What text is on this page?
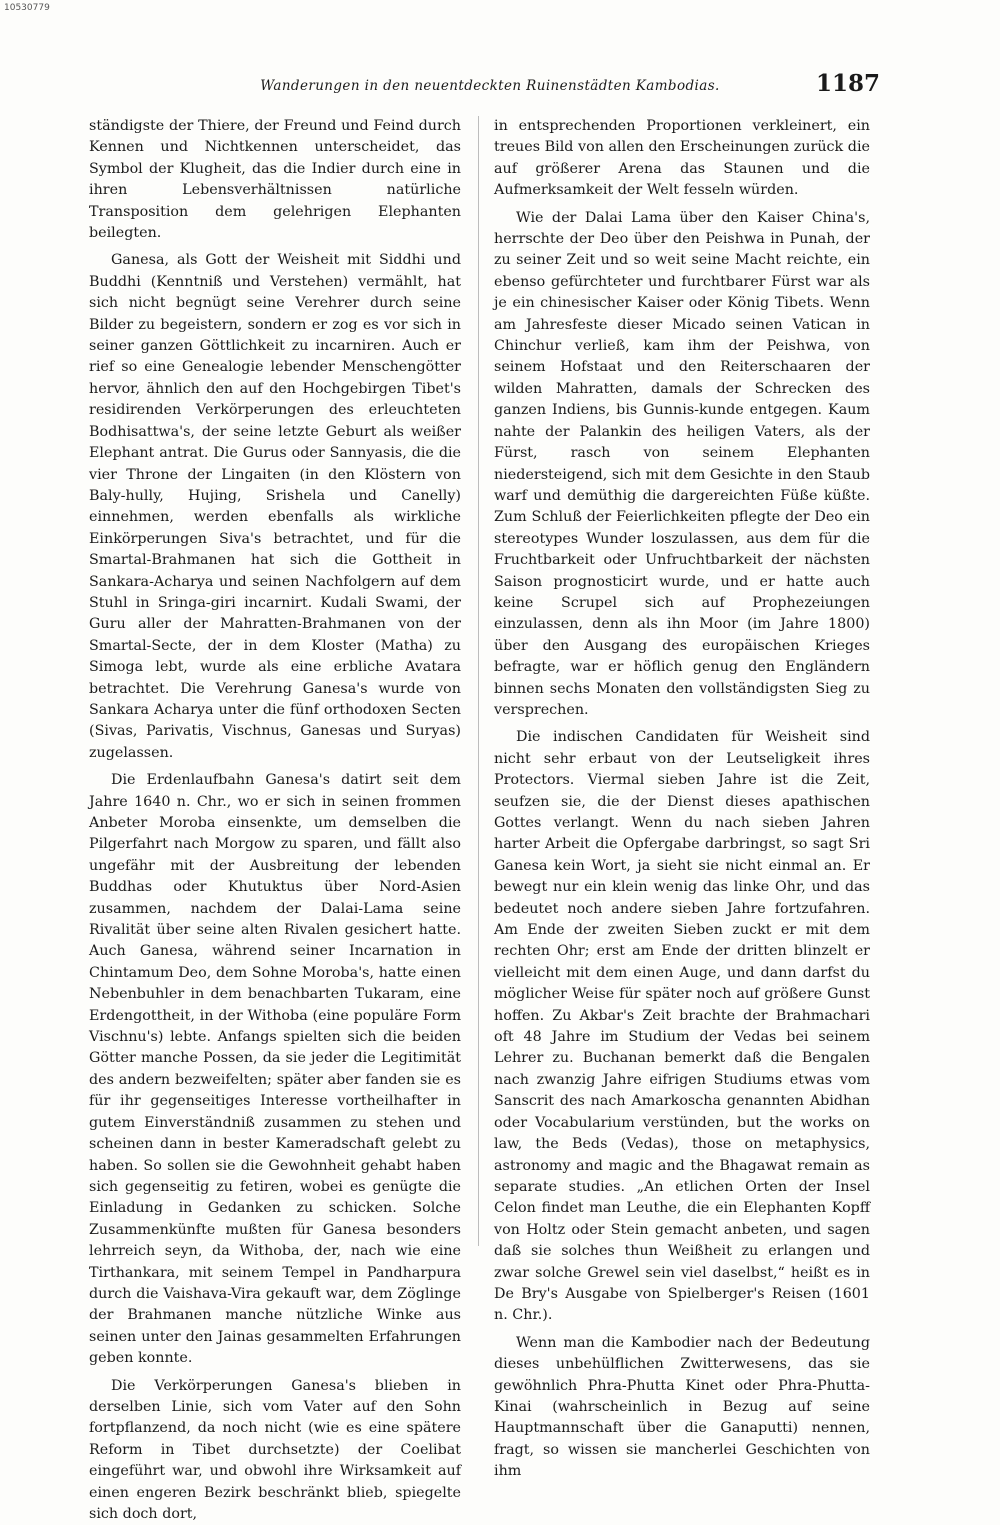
10530779
Wanderungen in den neuentdeckten Ruinenstädten Kambodias.	1187

ständigste der Thiere, der Freund und Feind durch Kennen und Nichtkennen unterscheidet, das Symbol der Klugheit, das die Indier durch eine in ihren Lebensverhältnissen natürliche Transposition dem gelehrigen Elephanten beilegten.

Ganesa, als Gott der Weisheit mit Siddhi und Buddhi (Kenntniß und Verstehen) vermählt, hat sich nicht begnügt seine Verehrer durch seine Bilder zu begeistern, sondern er zog es vor sich in seiner ganzen Göttlichkeit zu incarniren. Auch er rief so eine Genealogie lebender Menschengötter hervor, ähnlich den auf den Hochgebirgen Tibet's residirenden Verkörperungen des erleuchteten Bodhisattwa's, der seine letzte Geburt als weißer Elephant antrat. Die Gurus oder Sannyasis, die die vier Throne der Lingaiten (in den Klöstern von Baly-hully, Hujing, Srishela und Canelly) einnehmen, werden ebenfalls als wirkliche Einkörperungen Siva's betrachtet, und für die Smartal-Brahmanen hat sich die Gottheit in Sankara-Acharya und seinen Nachfolgern auf dem Stuhl in Sringa-giri incarnirt. Kudali Swami, der Guru aller der Mahratten-Brahmanen von der Smartal-Secte, der in dem Kloster (Matha) zu Simoga lebt, wurde als eine erbliche Avatara betrachtet. Die Verehrung Ganesa's wurde von Sankara Acharya unter die fünf orthodoxen Secten (Sivas, Parivatis, Vischnus, Ganesas und Suryas) zugelassen.

Die Erdenlaufbahn Ganesa's datirt seit dem Jahre 1640 n. Chr., wo er sich in seinen frommen Anbeter Moroba einsenkte, um demselben die Pilgerfahrt nach Morgow zu sparen, und fällt also ungefähr mit der Ausbreitung der lebenden Buddhas oder Khutuktus über Nord-Asien zusammen, nachdem der Dalai-Lama seine Rivalität über seine alten Rivalen gesichert hatte. Auch Ganesa, während seiner Incarnation in Chintamum Deo, dem Sohne Moroba's, hatte einen Nebenbuhler in dem benachbarten Tukaram, eine Erdengottheit, in der Withoba (eine populäre Form Vischnu's) lebte. Anfangs spielten sich die beiden Götter manche Possen, da sie jeder die Legitimität des andern bezweifelten; später aber fanden sie es für ihr gegenseitiges Interesse vortheilhafter in gutem Einverständniß zusammen zu stehen und scheinen dann in bester Kameradschaft gelebt zu haben. So sollen sie die Gewohnheit gehabt haben sich gegenseitig zu fetiren, wobei es genügte die Einladung in Gedanken zu schicken. Solche Zusammenkünfte mußten für Ganesa besonders lehrreich seyn, da Withoba, der, nach wie eine Tirthankara, mit seinem Tempel in Pandharpura durch die Vaishava-Vira gekauft war, dem Zöglinge der Brahmanen manche nützliche Winke aus seinen unter den Jainas gesammelten Erfahrungen geben konnte.

Die Verkörperungen Ganesa's blieben in derselben Linie, sich vom Vater auf den Sohn fortpflanzend, da noch nicht (wie es eine spätere Reform in Tibet durchsetzte) der Coelibat eingeführt war, und obwohl ihre Wirksamkeit auf einen engeren Bezirk beschränkt blieb, spiegelte sich doch dort,

in entsprechenden Proportionen verkleinert, ein treues Bild von allen den Erscheinungen zurück die auf größerer Arena das Staunen und die Aufmerksamkeit der Welt fesseln würden.

Wie der Dalai Lama über den Kaiser China's, herrschte der Deo über den Peishwa in Punah, der zu seiner Zeit und so weit seine Macht reichte, ein ebenso gefürchteter und furchtbarer Fürst war als je ein chinesischer Kaiser oder König Tibets. Wenn am Jahresfeste dieser Micado seinen Vatican in Chinchur verließ, kam ihm der Peishwa, von seinem Hofstaat und den Reiterschaaren der wilden Mahratten, damals der Schrecken des ganzen Indiens, bis Gunnis-kunde entgegen. Kaum nahte der Palankin des heiligen Vaters, als der Fürst, rasch von seinem Elephanten niedersteigend, sich mit dem Gesichte in den Staub warf und demüthig die dargereichten Füße küßte. Zum Schluß der Feierlichkeiten pflegte der Deo ein stereotypes Wunder loszulassen, aus dem für die Fruchtbarkeit oder Unfruchtbarkeit der nächsten Saison prognosticirt wurde, und er hatte auch keine Scrupel sich auf Prophezeiungen einzulassen, denn als ihn Moor (im Jahre 1800) über den Ausgang des europäischen Krieges befragte, war er höflich genug den Engländern binnen sechs Monaten den vollständigsten Sieg zu versprechen.

Die indischen Candidaten für Weisheit sind nicht sehr erbaut von der Leutseligkeit ihres Protectors. Viermal sieben Jahre ist die Zeit, seufzen sie, die der Dienst dieses apathischen Gottes verlangt. Wenn du nach sieben Jahren harter Arbeit die Opfergabe darbringst, so sagt Sri Ganesa kein Wort, ja sieht sie nicht einmal an. Er bewegt nur ein klein wenig das linke Ohr, und das bedeutet noch andere sieben Jahre fortzufahren. Am Ende der zweiten Sieben zuckt er mit dem rechten Ohr; erst am Ende der dritten blinzelt er vielleicht mit dem einen Auge, und dann darfst du möglicher Weise für später noch auf größere Gunst hoffen. Zu Akbar's Zeit brachte der Brahmachari oft 48 Jahre im Studium der Vedas bei seinem Lehrer zu. Buchanan bemerkt daß die Bengalen nach zwanzig Jahre eifrigen Studiums etwas vom Sanscrit des nach Amarkoscha genannten Abidhan oder Vocabularium verstünden, but the works on law, the Beds (Vedas), those on metaphysics, astronomy and magic and the Bhagawat remain as separate studies. „An etlichen Orten der Insel Celon findet man Leuthe, die ein Elephanten Kopff von Holtz oder Stein gemacht anbeten, und sagen daß sie solches thun Weißheit zu erlangen und zwar solche Grewel sein viel daselbst,“ heißt es in De Bry's Ausgabe von Spielberger's Reisen (1601 n. Chr.).

Wenn man die Kambodier nach der Bedeutung dieses unbehülflichen Zwitterwesens, das sie gewöhnlich Phra-Phutta Kinet oder Phra-Phutta-Kinai (wahrscheinlich in Bezug auf seine Hauptmannschaft über die Ganaputti) nennen, fragt, so wissen sie mancherlei Geschichten von ihm
